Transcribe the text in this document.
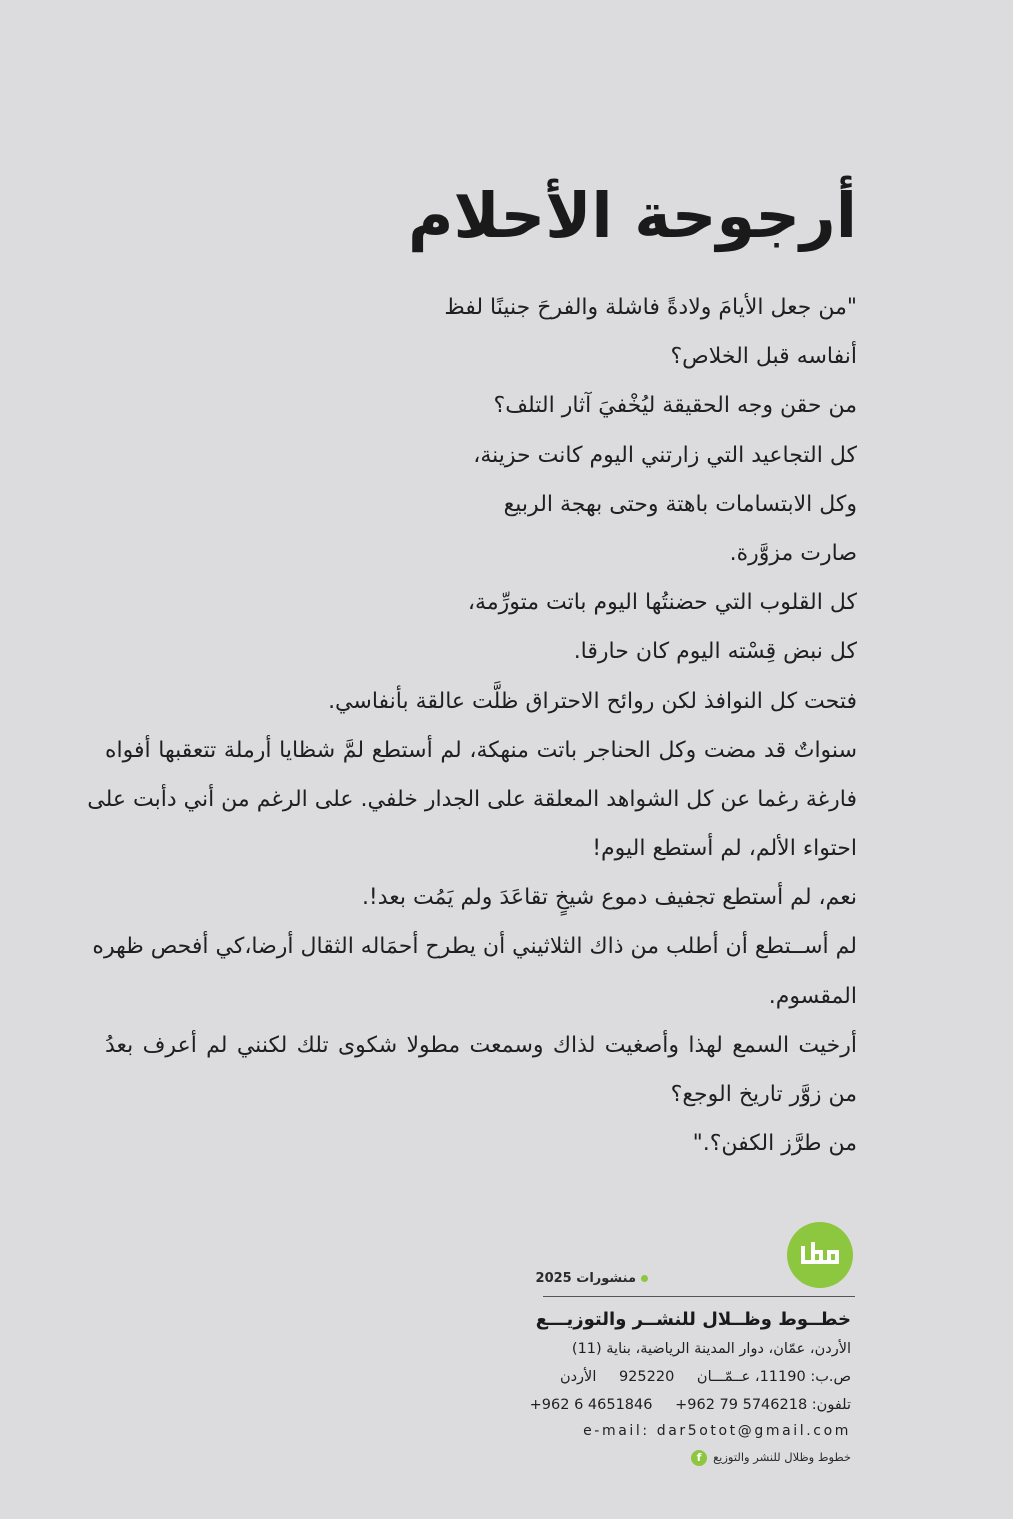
أرجوحة الأحلام
"من جعل الأيامَ ولادةً فاشلة والفرحَ جنينًا لفظ
أنفاسه قبل الخلاص؟
من حقن وجه الحقيقة ليُخْفيَ آثار التلف؟
كل التجاعيد التي زارتني اليوم كانت حزينة،
وكل الابتسامات باهتة وحتى بهجة الربيع
صارت مزوَّرة.
كل القلوب التي حضنتُها اليوم باتت متورِّمة،
كل نبض قِسْته اليوم كان حارقا.
فتحت كل النوافذ لكن روائح الاحتراق ظلَّت عالقة بأنفاسي.
سنواتٌ قد مضت وكل الحناجر باتت منهكة، لم أستطع لمَّ شظايا أرملة تتعقبها أفواه
فارغة رغما عن كل الشواهد المعلقة على الجدار خلفي. على الرغم من أني دأبت على
احتواء الألم، لم أستطع اليوم!
نعم، لم أستطع تجفيف دموع شيخٍ تقاعَدَ ولم يَمُت بعد!.
لم أســتطع أن أطلب من ذاك الثلاثيني أن يطرح أحمَاله الثقال أرضا،كي أفحص ظهره
المقسوم.
أرخيت السمع لهذا وأصغيت لذاك وسمعت مطولا شكوى تلك لكنني لم أعرف بعدُ
من زوَّر تاريخ الوجع؟
من طرَّز الكفن؟."
منشورات 2025
خطــوط وظــلال للنشــر والتوزيـــع
الأردن، عمّان، دوار المدينة الرياضية، بناية (11)
ص.ب: 11190، عــمّـــان 925220 الأردن
تلفون: +962 79 5746218 +962 6 4651846
e-mail: dar5otot@gmail.com
خطوط وظلال للنشر والتوزيعf
